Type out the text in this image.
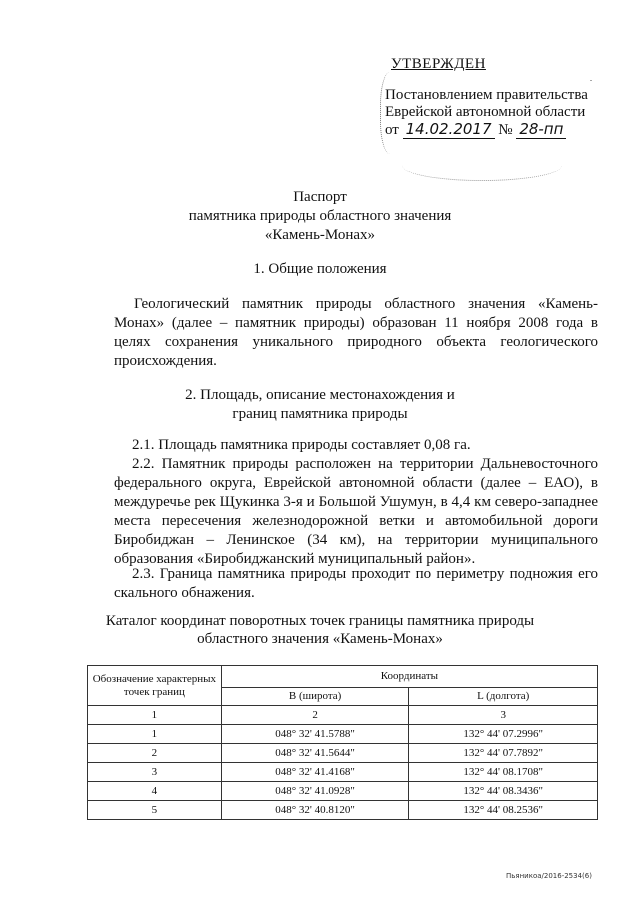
.
УТВЕРЖДЕН
Постановлением правительства
Еврейской автономной области
от 14.02.2017 № 28-пп
Паспорт
памятника природы областного значения
«Камень-Монах»
1. Общие положения
Геологический памятник природы областного значения «Камень-Монах» (далее – памятник природы) образован 11 ноября 2008 года в целях сохранения уникального природного объекта геологического происхождения.
2. Площадь, описание местонахождения и
границ памятника природы
2.1. Площадь памятника природы составляет 0,08 га.
2.2. Памятник природы расположен на территории Дальневосточного федерального округа, Еврейской автономной области (далее – ЕАО), в междуречье рек Щукинка 3-я и Большой Ушумун, в 4,4 км северо-западнее места пересечения железнодорожной ветки и автомобильной дороги Биробиджан – Ленинское (34 км), на территории муниципального образования «Биробиджанский муниципальный район».
2.3. Граница памятника природы проходит по периметру подножия его скального обнажения.
Каталог координат поворотных точек границы памятника природы
областного значения «Камень-Монах»
Обозначение характерных точек границ	Координаты	
	B (широта)	L (долгота)
1	2	3
1	048° 32' 41.5788"	132° 44' 07.2996"
2	048° 32' 41.5644"	132° 44' 07.7892"
3	048° 32' 41.4168"	132° 44' 08.1708"
4	048° 32' 41.0928"	132° 44' 08.3436"
5	048° 32' 40.8120"	132° 44' 08.2536"
Пьяникоа/2016-2534(6)
